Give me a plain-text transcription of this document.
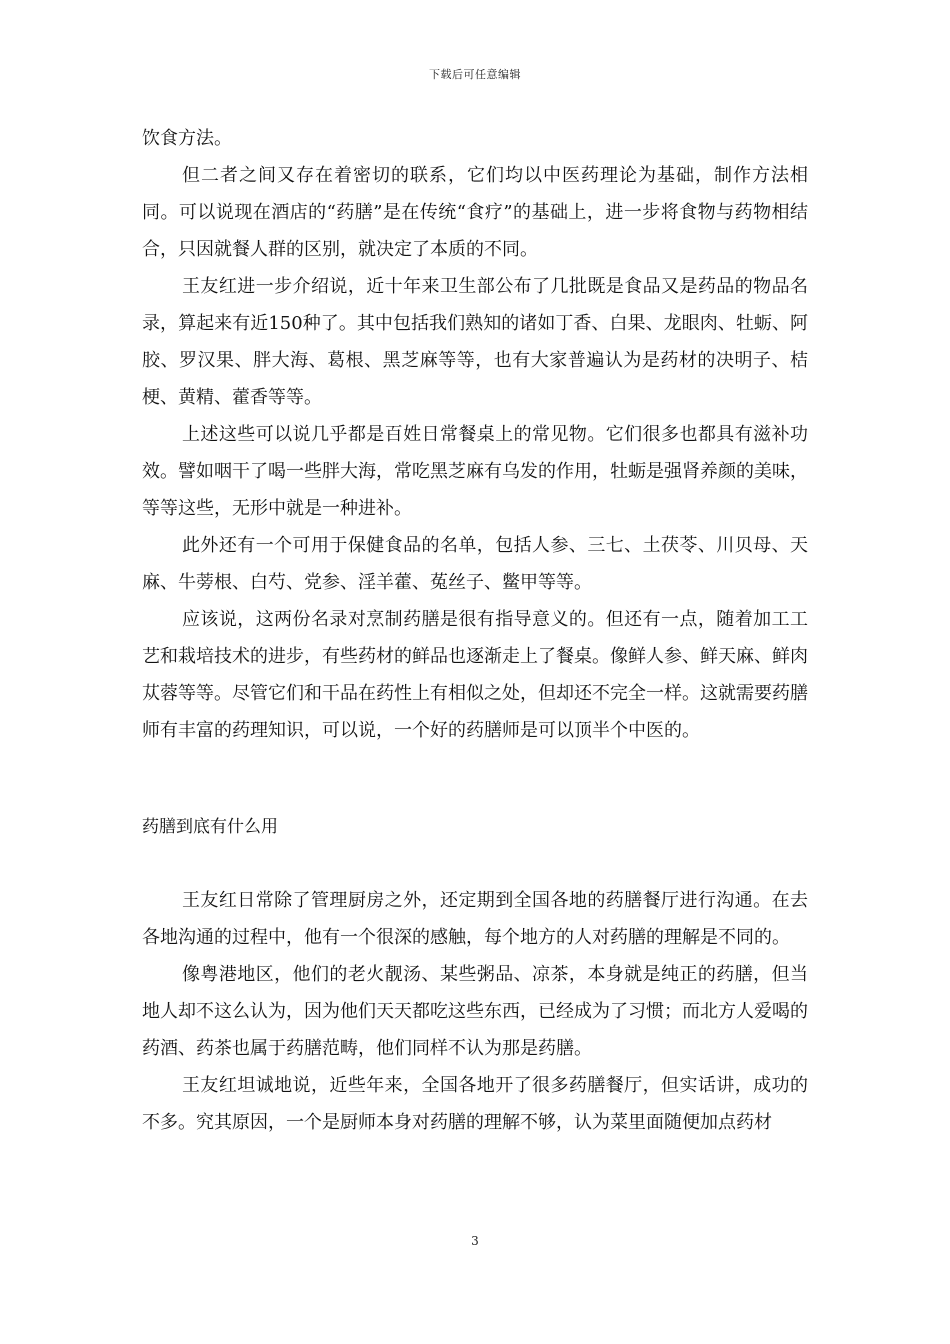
下载后可任意编辑

饮食方法。

但二者之间又存在着密切的联系，它们均以中医药理论为基础，制作方法相同。可以说现在酒店的“药膳”是在传统“食疗”的基础上，进一步将食物与药物相结合，只因就餐人群的区别，就决定了本质的不同。

王友红进一步介绍说，近十年来卫生部公布了几批既是食品又是药品的物品名录，算起来有近150种了。其中包括我们熟知的诸如丁香、白果、龙眼肉、牡蛎、阿胶、罗汉果、胖大海、葛根、黑芝麻等等，也有大家普遍认为是药材的决明子、桔梗、黄精、藿香等等。

上述这些可以说几乎都是百姓日常餐桌上的常见物。它们很多也都具有滋补功效。譬如咽干了喝一些胖大海，常吃黑芝麻有乌发的作用，牡蛎是强肾养颜的美味，等等这些，无形中就是一种进补。

此外还有一个可用于保健食品的名单，包括人参、三七、土茯苓、川贝母、天麻、牛蒡根、白芍、党参、淫羊藿、菟丝子、鳖甲等等。

应该说，这两份名录对烹制药膳是很有指导意义的。但还有一点，随着加工工艺和栽培技术的进步，有些药材的鲜品也逐渐走上了餐桌。像鲜人参、鲜天麻、鲜肉苁蓉等等。尽管它们和干品在药性上有相似之处，但却还不完全一样。这就需要药膳师有丰富的药理知识，可以说，一个好的药膳师是可以顶半个中医的。

药膳到底有什么用

王友红日常除了管理厨房之外，还定期到全国各地的药膳餐厅进行沟通。在去各地沟通的过程中，他有一个很深的感触，每个地方的人对药膳的理解是不同的。

像粤港地区，他们的老火靓汤、某些粥品、凉茶，本身就是纯正的药膳，但当地人却不这么认为，因为他们天天都吃这些东西，已经成为了习惯；而北方人爱喝的药酒、药茶也属于药膳范畴，他们同样不认为那是药膳。

王友红坦诚地说，近些年来，全国各地开了很多药膳餐厅，但实话讲，成功的不多。究其原因，一个是厨师本身对药膳的理解不够，认为菜里面随便加点药材

3
